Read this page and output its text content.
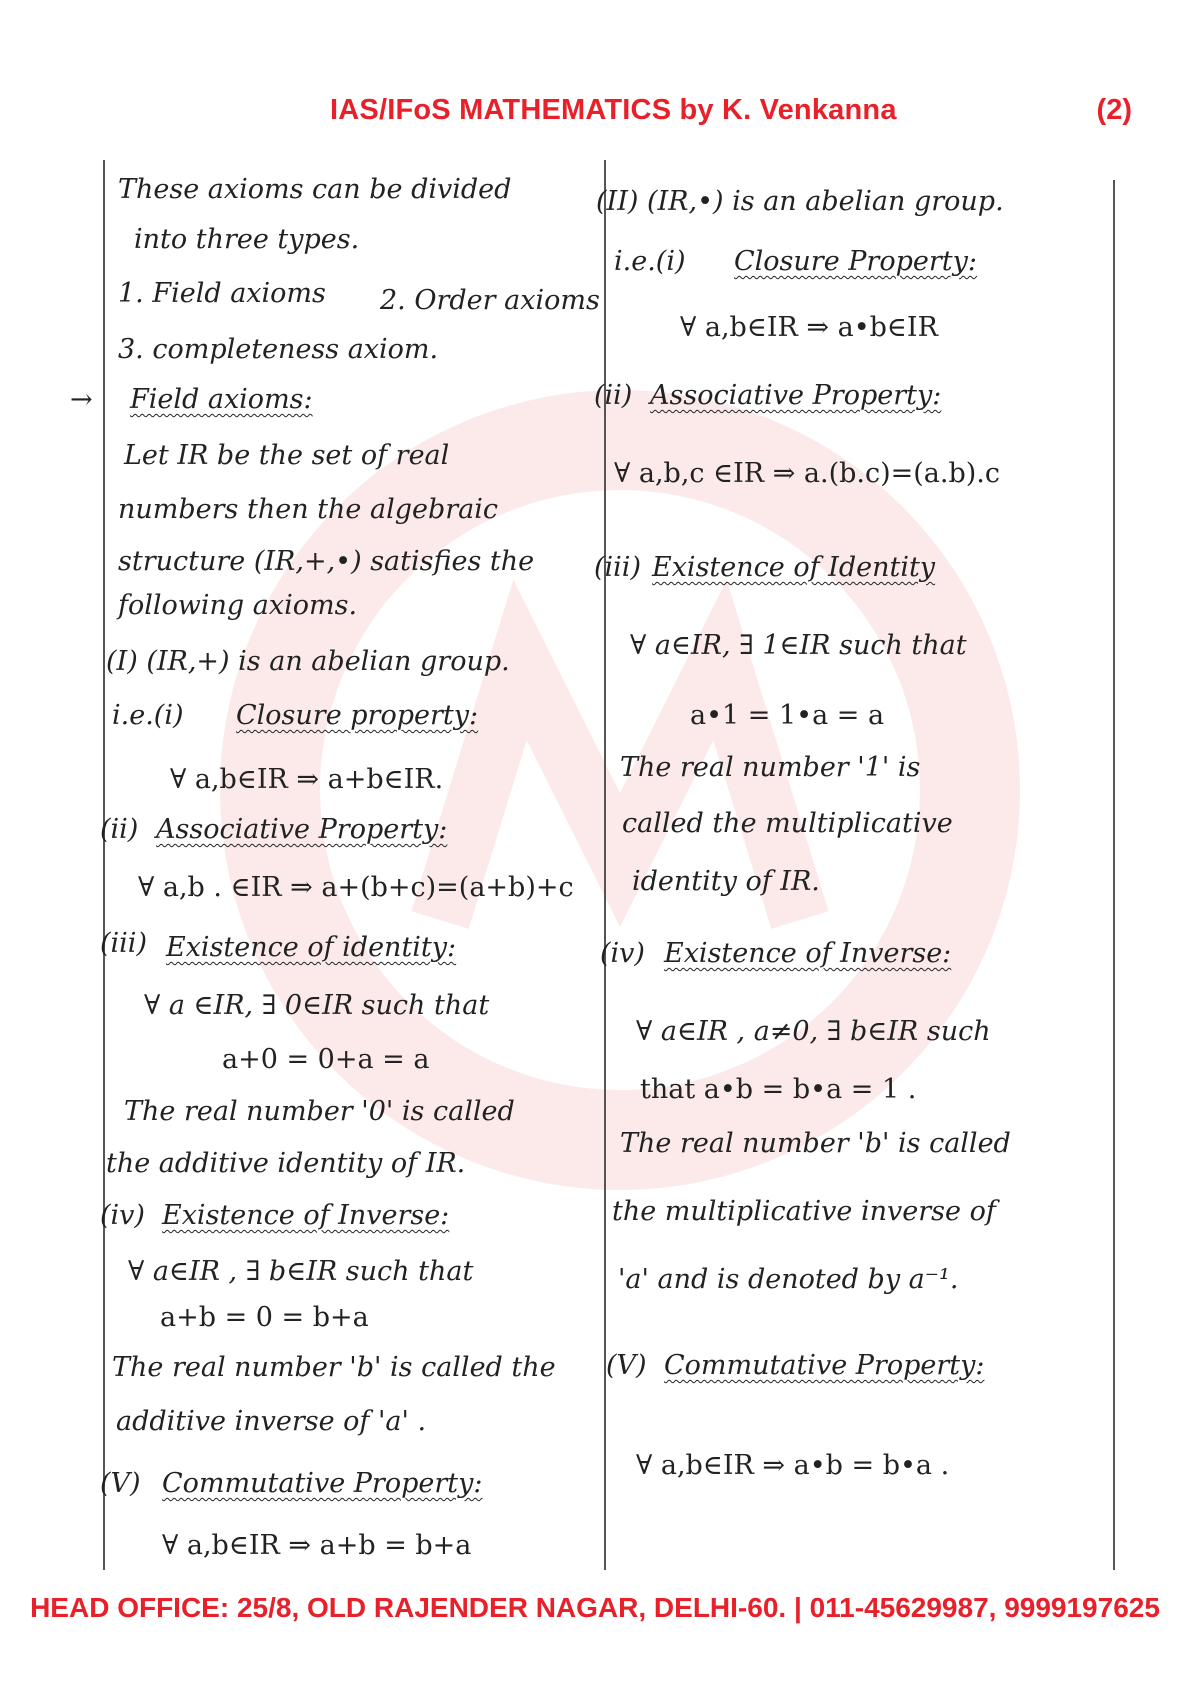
IAS/IFoS MATHEMATICS by K. Venkanna	(2)
These axioms can be divided
into three types.
1. Field axioms 2. Order axioms
3. completeness axiom.
→ Field axioms:
Let IR be the set of real
numbers then the algebraic
structure (IR,+,•) satisfies the
following axioms.
(I) (IR,+) is an abelian group.
i.e.(i) Closure property:
∀ a,b∈IR ⇒ a+b∈IR.
(ii) Associative Property:
∀ a,b . ∈IR ⇒ a+(b+c)=(a+b)+c
(iii) Existence of identity:
∀ a ∈IR, ∃ 0∈IR such that
a+0 = 0+a = a
The real number '0' is called
the additive identity of IR.
(iv) Existence of Inverse:
∀ a∈IR , ∃ b∈IR such that
a+b = 0 = b+a
The real number 'b' is called the
additive inverse of 'a' .
(V) Commutative Property:
∀ a,b∈IR ⇒ a+b = b+a
(II) (IR,•) is an abelian group.
i.e.(i) Closure Property:
∀ a,b∈IR ⇒ a•b∈IR
(ii) Associative Property:
∀ a,b,c ∈IR ⇒ a.(b.c)=(a.b).c
(iii) Existence of Identity
∀ a∈IR, ∃ 1∈IR such that
a•1 = 1•a = a
The real number '1' is
called the multiplicative
identity of IR.
(iv) Existence of Inverse:
∀ a∈IR , a≠0, ∃ b∈IR such
that a•b = b•a = 1 .
The real number 'b' is called
the multiplicative inverse of
'a' and is denoted by a⁻¹.
(V) Commutative Property:
∀ a,b∈IR ⇒ a•b = b•a .
HEAD OFFICE: 25/8, OLD RAJENDER NAGAR, DELHI-60. | 011-45629987, 9999197625
